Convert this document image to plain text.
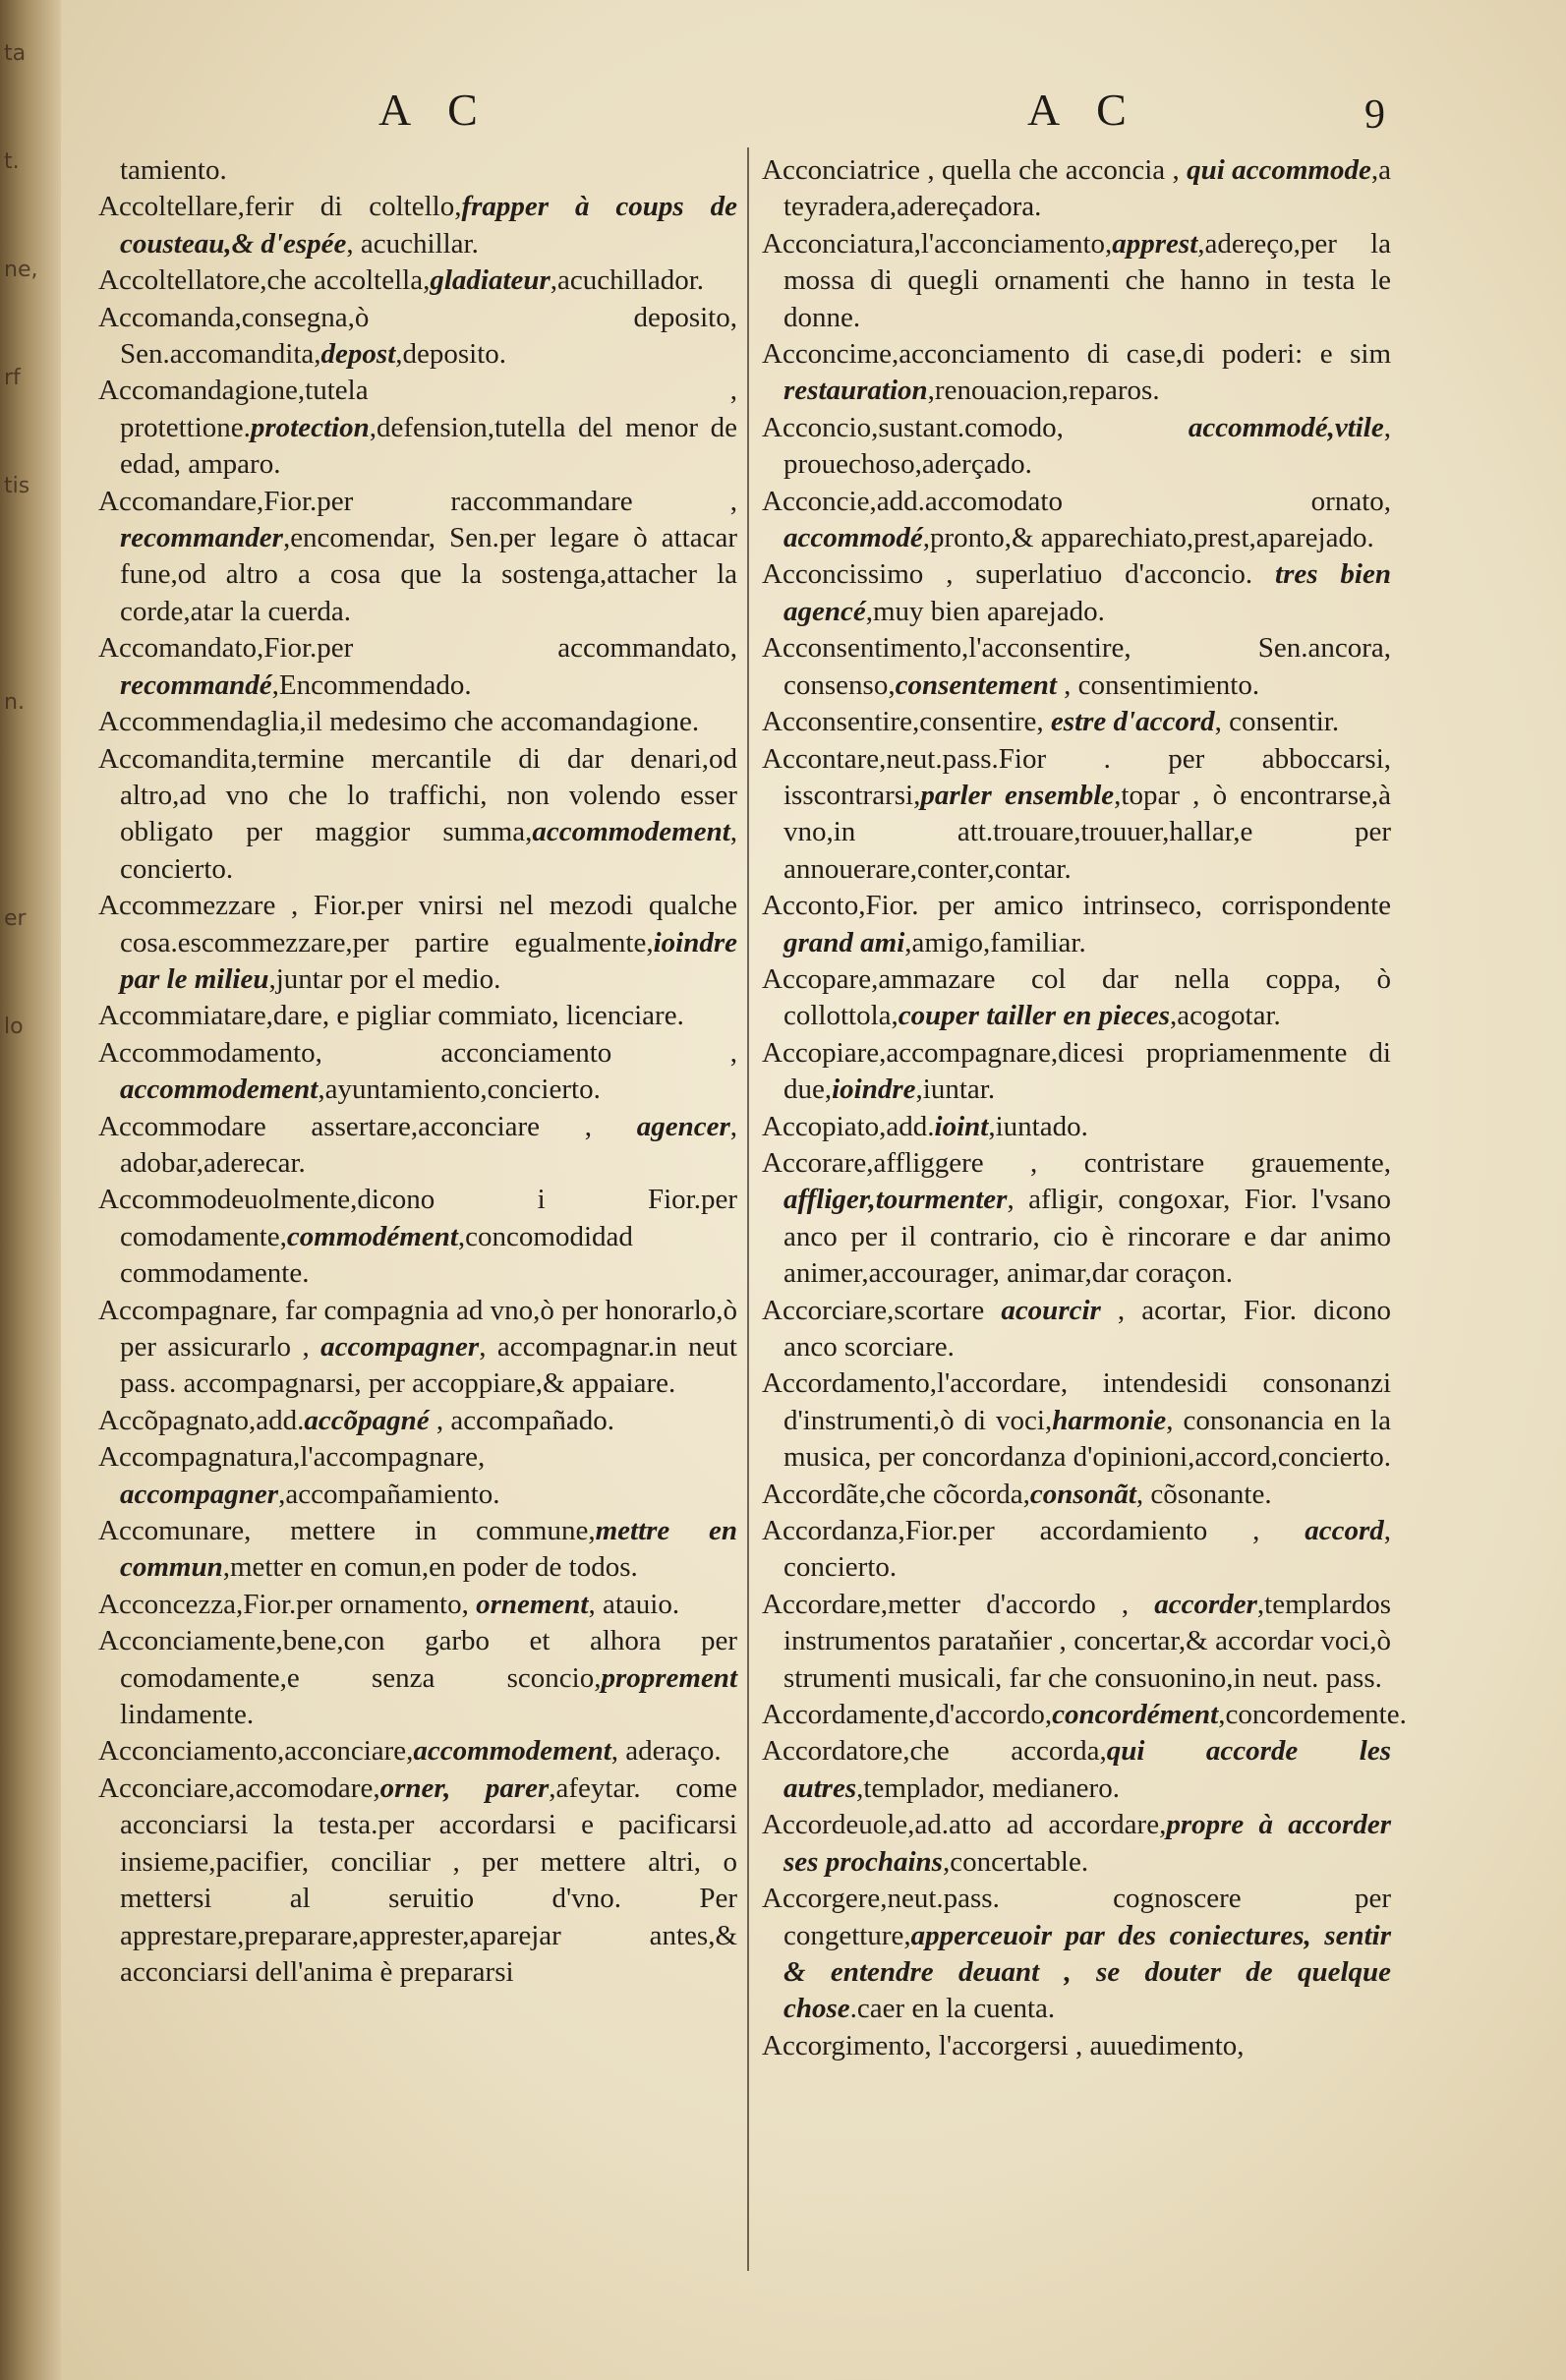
ta
t.
ne,
rf
tis

n.

er
lo

A C	A C	9

tamiento.

Accoltellare,ferir di coltello,frapper à coups de cousteau,& d'espée, acuchillar.

Accoltellatore,che accoltella,gladiateur,acuchillador.

Accomanda,consegna,ò deposito, Sen.accomandita,depost,deposito.

Accomandagione,tutela , protettione.protection,defension,tutella del menor de edad, amparo.

Accomandare,Fior.per raccommandare , recommander,encomendar, Sen.per legare ò attacar fune,od altro a cosa que la sostenga,attacher la corde,atar la cuerda.

Accomandato,Fior.per accommandato, recommandé,Encommendado.

Accommendaglia,il medesimo che accomandagione.

Accomandita,termine mercantile di dar denari,od altro,ad vno che lo traffichi, non volendo esser obligato per maggior summa,accommodement, concierto.

Accommezzare , Fior.per vnirsi nel mezodi qualche cosa.escommezzare,per partire egualmente,ioindre par le milieu,juntar por el medio.

Accommiatare,dare, e pigliar commiato, licenciare.

Accommodamento, acconciamento , accommodement,ayuntamiento,concierto.

Accommodare assertare,acconciare , agencer, adobar,aderecar.

Accommodeuolmente,dicono i Fior.per comodamente,commodément,concomodidad commodamente.

Accompagnare, far compagnia ad vno,ò per honorarlo,ò per assicurarlo , accompagner, accompagnar.in neut pass. accompagnarsi, per accoppiare,& appaiare.

Accõpagnato,add.accõpagné , accompañado.

Accompagnatura,l'accompagnare, accompagner,accompañamiento.

Accomunare, mettere in commune,mettre en commun,metter en comun,en poder de todos.

Acconcezza,Fior.per ornamento, ornement, atauio.

Acconciamente,bene,con garbo et alhora per comodamente,e senza sconcio,proprement lindamente.

Acconciamento,acconciare,accommodement, aderaço.

Acconciare,accomodare,orner, parer,afeytar. come acconciarsi la testa.per accordarsi e pacificarsi insieme,pacifier, conciliar , per mettere altri, o mettersi al seruitio d'vno. Per apprestare,preparare,apprester,aparejar antes,& acconciarsi dell'anima è prepararsi

Acconciatrice , quella che acconcia , qui accommode,a teyradera,adereçadora.

Acconciatura,l'acconciamento,apprest,adereço,per la mossa di quegli ornamenti che hanno in testa le donne.

Acconcime,acconciamento di case,di poderi: e sim restauration,renouacion,reparos.

Acconcio,sustant.comodo, accommodé,vtile, prouechoso,aderçado.

Acconcie,add.accomodato ornato, accommodé,pronto,& apparechiato,prest,aparejado.

Acconcissimo , superlatiuo d'acconcio. tres bien agencé,muy bien aparejado.

Acconsentimento,l'acconsentire, Sen.ancora, consenso,consentement , consentimiento.

Acconsentire,consentire, estre d'accord, consentir.

Accontare,neut.pass.Fior . per abboccarsi, isscontrarsi,parler ensemble,topar , ò encontrarse,à vno,in att.trouare,trouuer,hallar,e per annouerare,conter,contar.

Acconto,Fior. per amico intrinseco, corrispondente grand ami,amigo,familiar.

Accopare,ammazare col dar nella coppa, ò collottola,couper tailler en pieces,acogotar.

Accopiare,accompagnare,dicesi propriamenmente di due,ioindre,iuntar.

Accopiato,add.ioint,iuntado.

Accorare,affliggere , contristare grauemente, affliger,tourmenter, afligir, congoxar, Fior. l'vsano anco per il contrario, cio è rincorare e dar animo animer,accourager, animar,dar coraçon.

Accorciare,scortare acourcir , acortar, Fior. dicono anco scorciare.

Accordamento,l'accordare, intendesidi consonanzi d'instrumenti,ò di voci,harmonie, consonancia en la musica, per concordanza d'opinioni,accord,concierto.

Accordãte,che cõcorda,consonãt, cõsonante.

Accordanza,Fior.per accordamiento , accord, concierto.

Accordare,metter d'accordo , accorder,templardos instrumentos parataňier , concertar,& accordar voci,ò strumenti musicali, far che consuonino,in neut. pass.

Accordamente,d'accordo,concordément,concordemente.

Accordatore,che accorda,qui accorde les autres,templador, medianero.

Accordeuole,ad.atto ad accordare,propre à accorder ses prochains,concertable.

Accorgere,neut.pass. cognoscere per congetture,apperceuoir par des coniectures, sentir & entendre deuant , se douter de quelque chose.caer en la cuenta.

Accorgimento, l'accorgersi , auuedimento,
